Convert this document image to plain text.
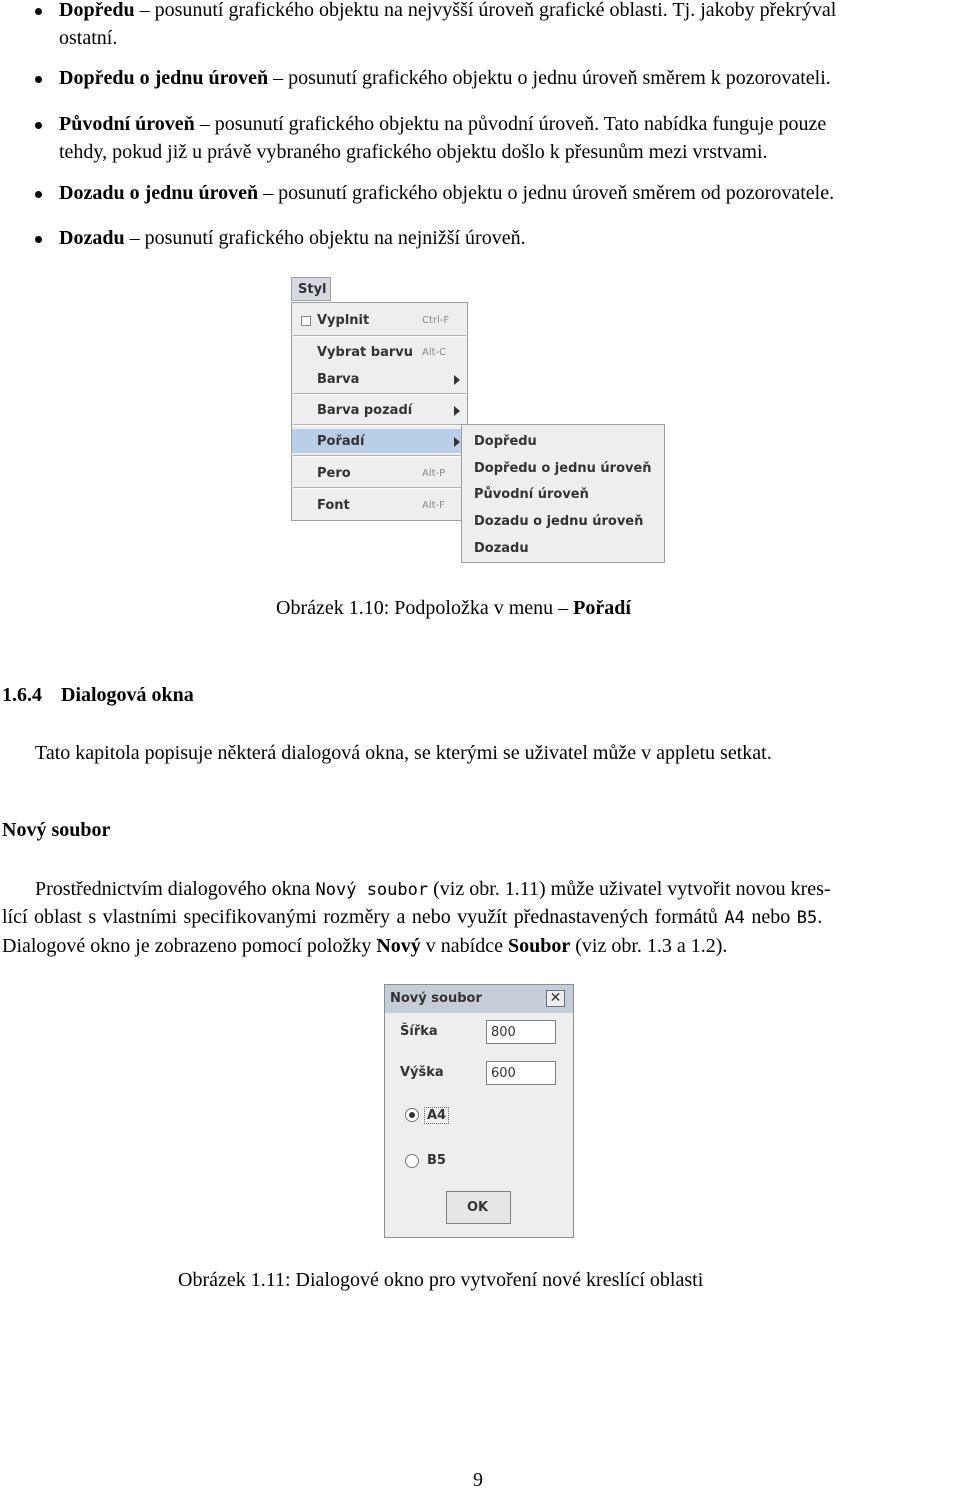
Dopředu – posunutí grafického objektu na nejvyšší úroveň grafické oblasti. Tj. jakoby překrýval
ostatní.
Dopředu o jednu úroveň – posunutí grafického objektu o jednu úroveň směrem k pozorovateli.
Původní úroveň – posunutí grafického objektu na původní úroveň. Tato nabídka funguje pouze
tehdy, pokud již u právě vybraného grafického objektu došlo k přesunům mezi vrstvami.
Dozadu o jednu úroveň – posunutí grafického objektu o jednu úroveň směrem od pozorovatele.
Dozadu – posunutí grafického objektu na nejnižší úroveň.
Styl
Vyplnit	Ctrl-F
Vybrat barvu Alt-C
Barva
Barva pozadí
Pořadí
Pero	Alt-P
Font	Alt-F
Dopředu
Dopředu o jednu úroveň
Původní úroveň
Dozadu o jednu úroveň
Dozadu
Obrázek 1.10: Podpoložka v menu – Pořadí
1.6.4 Dialogová okna
Tato kapitola popisuje některá dialogová okna, se kterými se uživatel může v appletu setkat.
Nový soubor
Prostřednictvím dialogového okna Nový soubor (viz obr. 1.11) může uživatel vytvořit novou kres-
lící oblast s vlastními specifikovanými rozměry a nebo využít přednastavených formátů A4 nebo B5.
Dialogové okno je zobrazeno pomocí položky Nový v nabídce Soubor (viz obr. 1.3 a 1.2).
Nový soubor	✕
Šířka	800
Výška	600
A4
B5
OK
Obrázek 1.11: Dialogové okno pro vytvoření nové kreslící oblasti
9
